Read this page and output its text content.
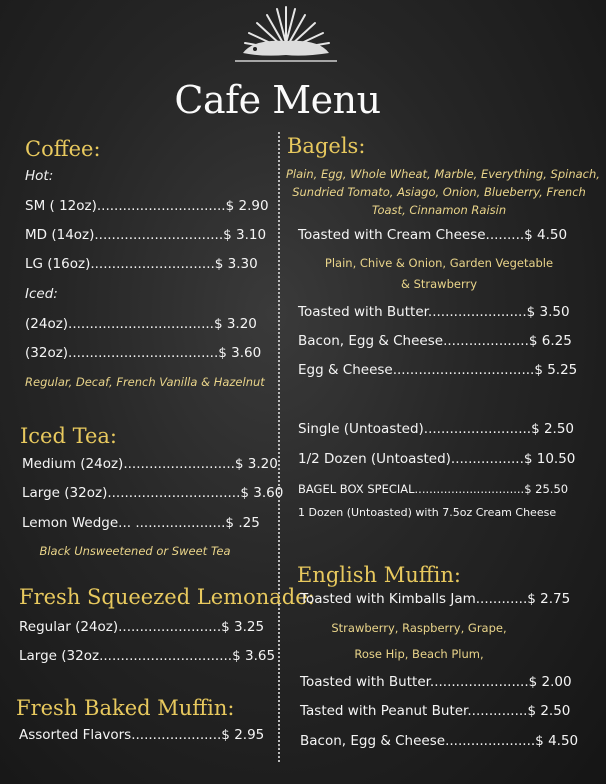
Cafe Menu
Coffee:
Hot:
SM ( 12oz)..............................$ 2.90
MD (14oz)..............................$ 3.10
LG (16oz).............................$ 3.30
Iced:
(24oz)..................................$ 3.20
(32oz)...................................$ 3.60
Regular, Decaf, French Vanilla & Hazelnut
Iced Tea:
Medium (24oz)..........................$ 3.20
Large (32oz)...............................$ 3.60
Lemon Wedge... .....................$ .25
Black Unsweetened or Sweet Tea
Fresh Squeezed Lemonade:
Regular (24oz)........................$ 3.25
Large (32oz...............................$ 3.65
Fresh Baked Muffin:
Assorted Flavors.....................$ 2.95
Bagels:
Plain, Egg, Whole Wheat, Marble, Everything, Spinach,
Sundried Tomato, Asiago, Onion, Blueberry, French
Toast, Cinnamon Raisin
Toasted with Cream Cheese.........$ 4.50
Plain, Chive & Onion, Garden Vegetable
& Strawberry
Toasted with Butter.......................$ 3.50
Bacon, Egg & Cheese....................$ 6.25
Egg & Cheese.................................$ 5.25
Single (Untoasted).........................$ 2.50
1/2 Dozen (Untoasted).................$ 10.50
BAGEL BOX SPECIAL..............................$ 25.50
1 Dozen (Untoasted) with 7.5oz Cream Cheese
English Muffin:
Toasted with Kimballs Jam............$ 2.75
Strawberry, Raspberry, Grape,
Rose Hip, Beach Plum,
Toasted with Butter.......................$ 2.00
Tasted with Peanut Buter..............$ 2.50
Bacon, Egg & Cheese.....................$ 4.50
